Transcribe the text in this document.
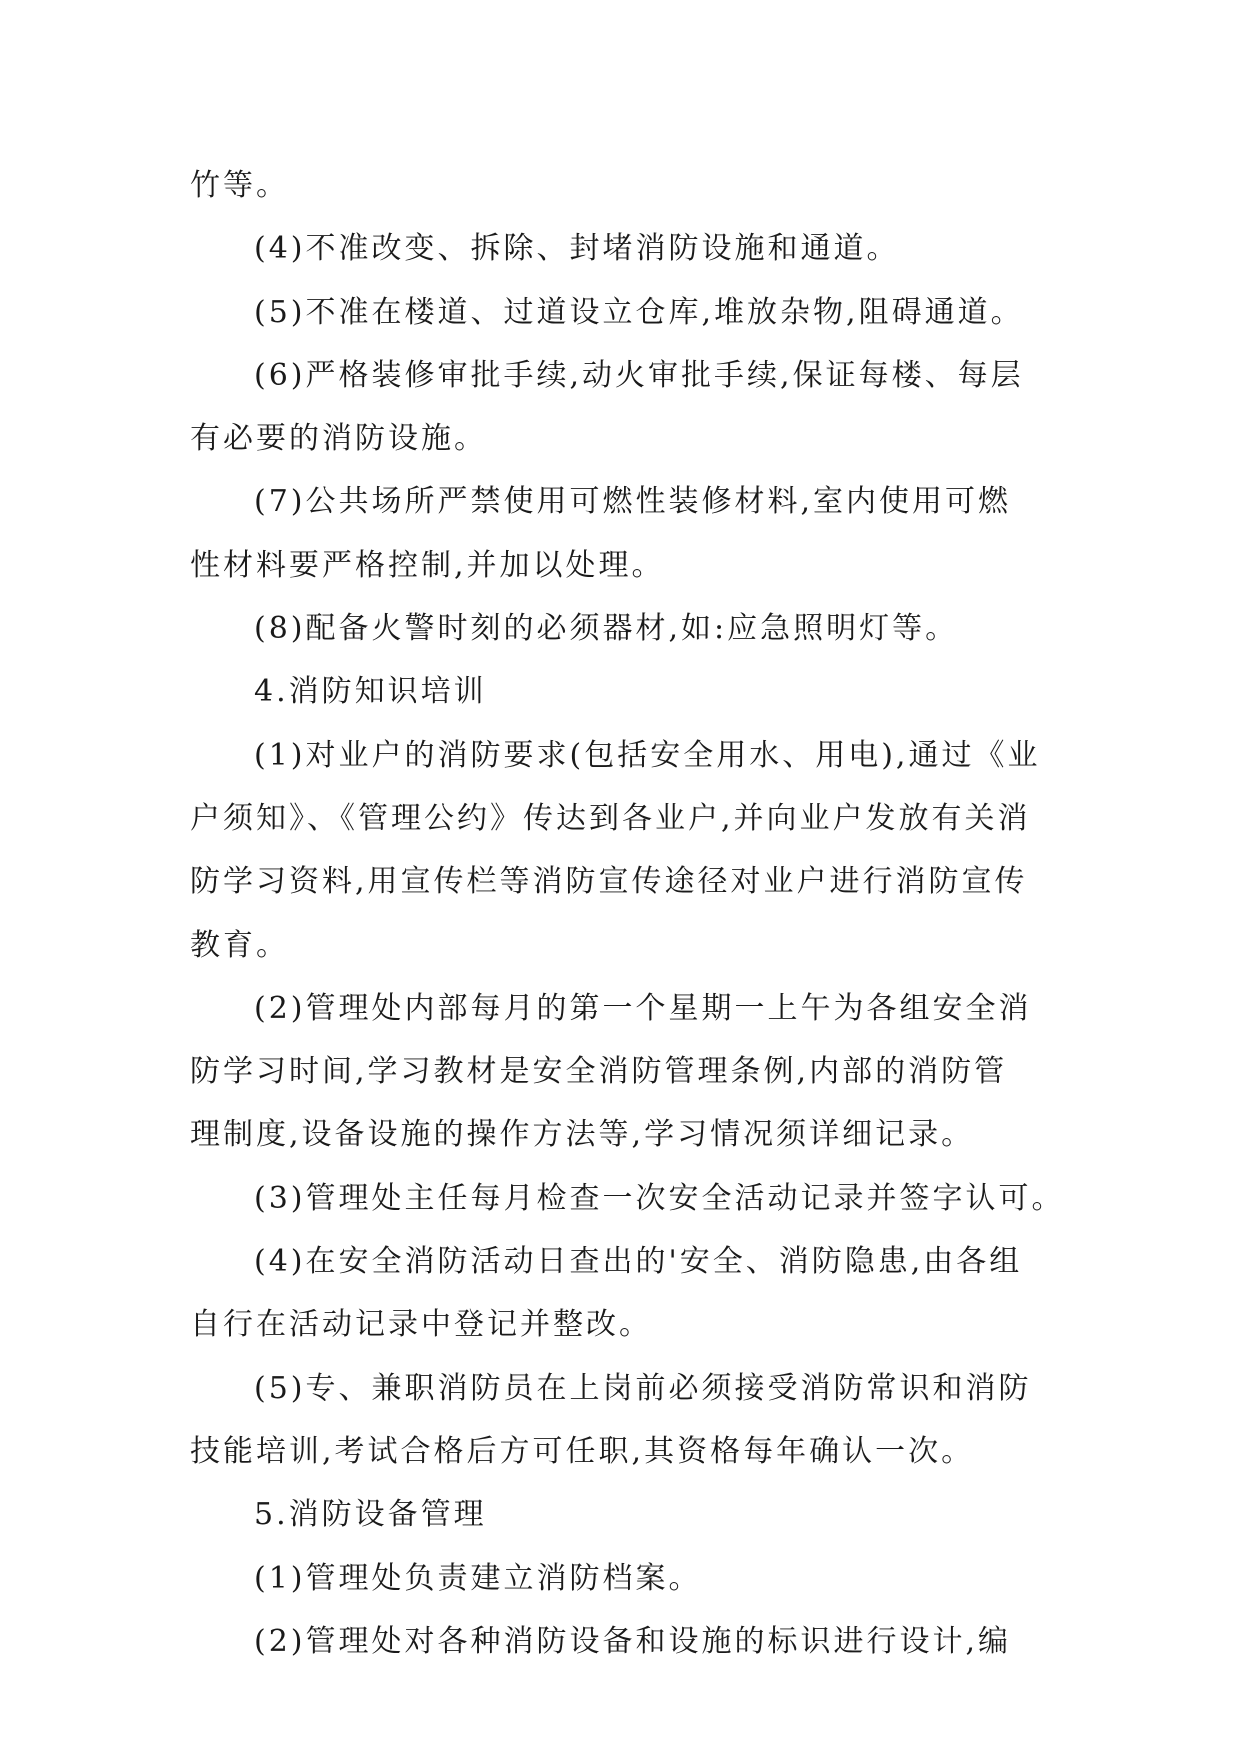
竹等。
(4)不准改变、拆除、封堵消防设施和通道。
(5)不准在楼道、过道设立仓库,堆放杂物,阻碍通道。
(6)严格装修审批手续,动火审批手续,保证每楼、每层
有必要的消防设施。
(7)公共场所严禁使用可燃性装修材料,室内使用可燃
性材料要严格控制,并加以处理。
(8)配备火警时刻的必须器材,如:应急照明灯等。
4.消防知识培训
(1)对业户的消防要求(包括安全用水、用电),通过《业
户须知》、《管理公约》传达到各业户,并向业户发放有关消
防学习资料,用宣传栏等消防宣传途径对业户进行消防宣传
教育。
(2)管理处内部每月的第一个星期一上午为各组安全消
防学习时间,学习教材是安全消防管理条例,内部的消防管
理制度,设备设施的操作方法等,学习情况须详细记录。
(3)管理处主任每月检查一次安全活动记录并签字认可。
(4)在安全消防活动日查出的'安全、消防隐患,由各组
自行在活动记录中登记并整改。
(5)专、兼职消防员在上岗前必须接受消防常识和消防
技能培训,考试合格后方可任职,其资格每年确认一次。
5.消防设备管理
(1)管理处负责建立消防档案。
(2)管理处对各种消防设备和设施的标识进行设计,编
